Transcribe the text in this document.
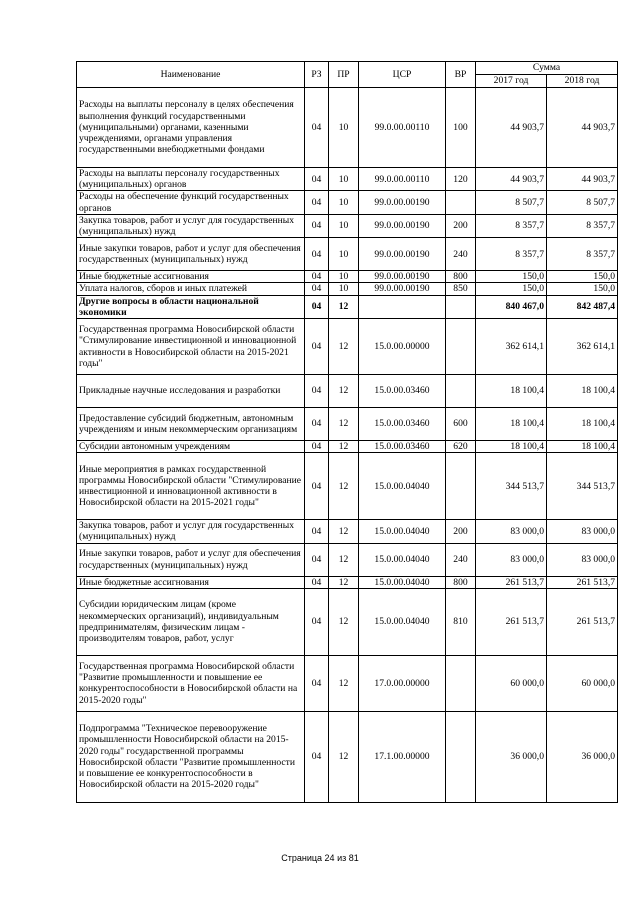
Наименование	РЗ	ПР	ЦСР	ВР	Сумма	
					2017 год	2018 год
Расходы на выплаты персоналу в целях обеспечения выполнения функций государственными (муниципальными) органами, казенными учреждениями, органами управления государственными внебюджетными фондами	04	10	99.0.00.00110	100	44 903,7	44 903,7
Расходы на выплаты персоналу государственных (муниципальных) органов	04	10	99.0.00.00110	120	44 903,7	44 903,7
Расходы на обеспечение функций государственных органов	04	10	99.0.00.00190		8 507,7	8 507,7
Закупка товаров, работ и услуг для государственных (муниципальных) нужд	04	10	99.0.00.00190	200	8 357,7	8 357,7
Иные закупки товаров, работ и услуг для обеспечения государственных (муниципальных) нужд	04	10	99.0.00.00190	240	8 357,7	8 357,7
Иные бюджетные ассигнования	04	10	99.0.00.00190	800	150,0	150,0
Уплата налогов, сборов и иных платежей	04	10	99.0.00.00190	850	150,0	150,0
Другие вопросы в области национальной экономики	04	12			840 467,0	842 487,4
Государственная программа Новосибирской области "Стимулирование инвестиционной и инновационной активности в Новосибирской области на 2015-2021 годы"	04	12	15.0.00.00000		362 614,1	362 614,1
Прикладные научные исследования и разработки	04	12	15.0.00.03460		18 100,4	18 100,4
Предоставление субсидий бюджетным, автономным учреждениям и иным некоммерческим организациям	04	12	15.0.00.03460	600	18 100,4	18 100,4
Субсидии автономным учреждениям	04	12	15.0.00.03460	620	18 100,4	18 100,4
Иные мероприятия в рамках государственной программы Новосибирской области "Стимулирование инвестиционной и инновационной активности в Новосибирской области на 2015-2021 годы"	04	12	15.0.00.04040		344 513,7	344 513,7
Закупка товаров, работ и услуг для государственных (муниципальных) нужд	04	12	15.0.00.04040	200	83 000,0	83 000,0
Иные закупки товаров, работ и услуг для обеспечения государственных (муниципальных) нужд	04	12	15.0.00.04040	240	83 000,0	83 000,0
Иные бюджетные ассигнования	04	12	15.0.00.04040	800	261 513,7	261 513,7
Субсидии юридическим лицам (кроме некоммерческих организаций), индивидуальным предпринимателям, физическим лицам - производителям товаров, работ, услуг	04	12	15.0.00.04040	810	261 513,7	261 513,7
Государственная программа Новосибирской области "Развитие промышленности и повышение ее конкурентоспособности в Новосибирской области на 2015-2020 годы"	04	12	17.0.00.00000		60 000,0	60 000,0
Подпрограмма "Техническое перевооружение промышленности Новосибирской области на 2015-2020 годы" государственной программы Новосибирской области "Развитие промышленности и повышение ее конкурентоспособности в Новосибирской области на 2015-2020 годы"	04	12	17.1.00.00000		36 000,0	36 000,0
Страница 24 из 81
